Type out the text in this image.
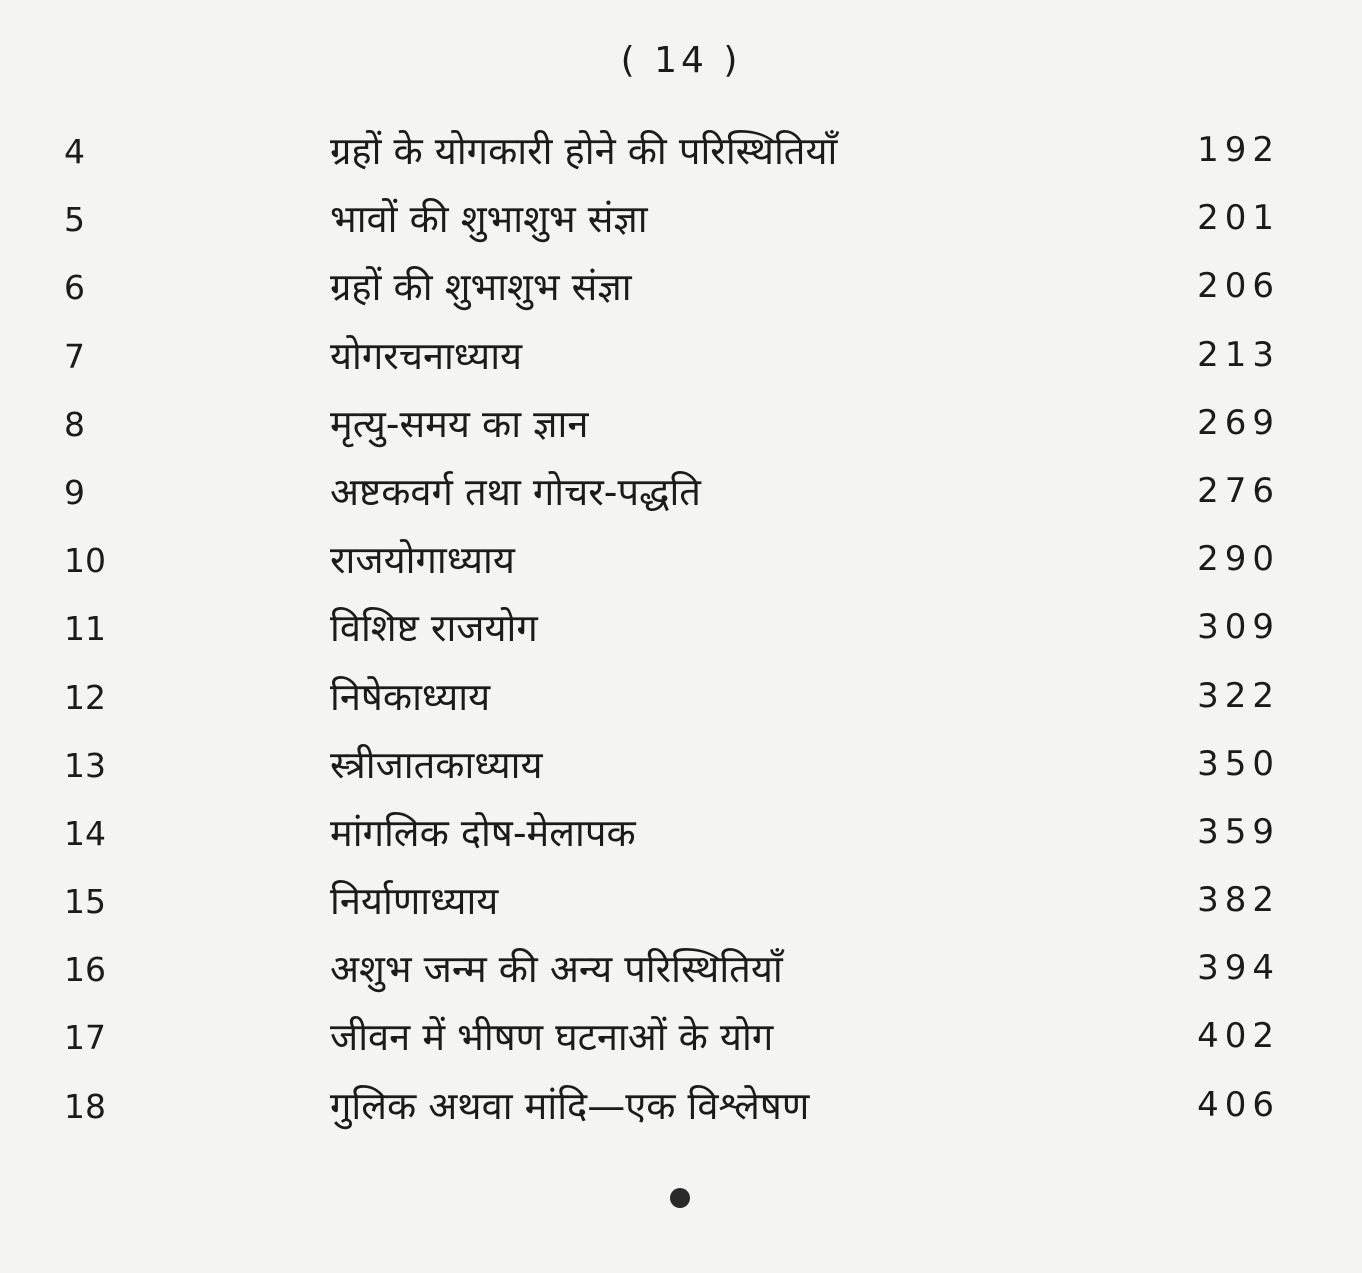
( 14 )
4	ग्रहों के योगकारी होने की परिस्थितियाँ	192
5	भावों की शुभाशुभ संज्ञा	201
6	ग्रहों की शुभाशुभ संज्ञा	206
7	योगरचनाध्याय	213
8	मृत्यु-समय का ज्ञान	269
9	अष्टकवर्ग तथा गोचर-पद्धति	276
10	राजयोगाध्याय	290
11	विशिष्ट राजयोग	309
12	निषेकाध्याय	322
13	स्त्रीजातकाध्याय	350
14	मांगलिक दोष-मेलापक	359
15	निर्याणाध्याय	382
16	अशुभ जन्म की अन्य परिस्थितियाँ	394
17	जीवन में भीषण घटनाओं के योग	402
18	गुलिक अथवा मांदि—एक विश्लेषण	406
